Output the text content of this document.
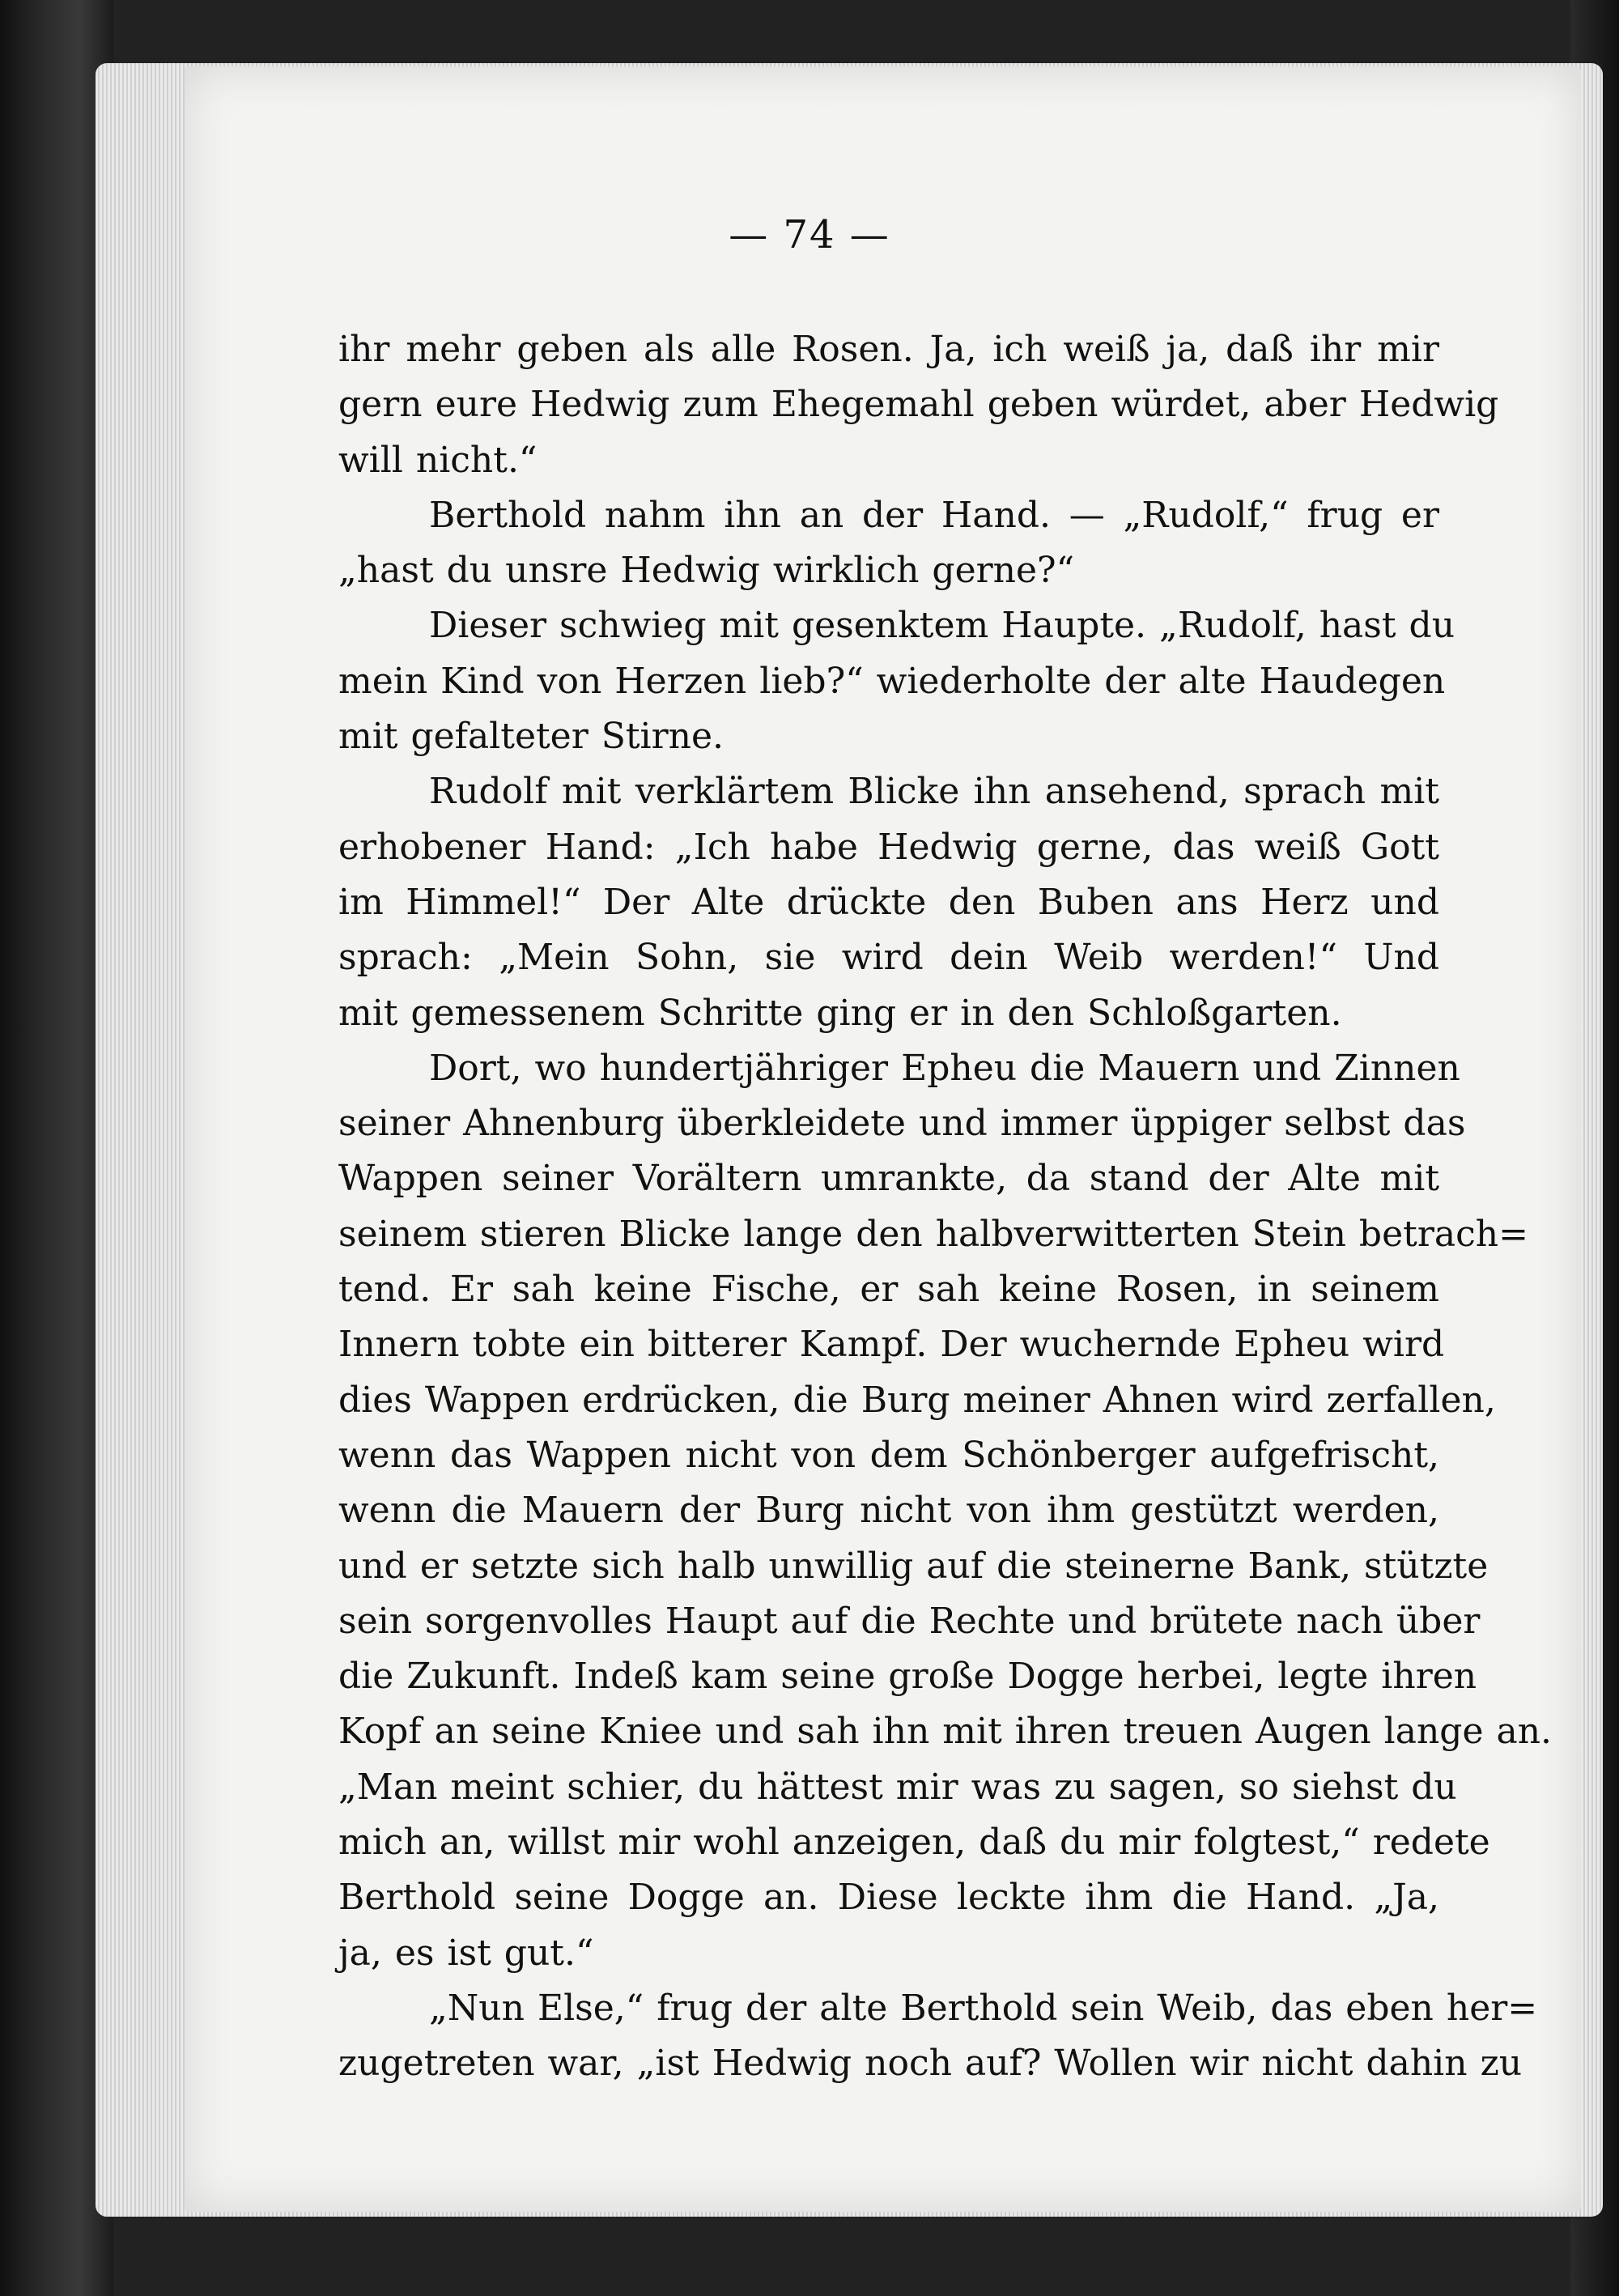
— 74 —
ihr mehr geben als alle Rosen. Ja, ich weiß ja, daß ihr mir
gern eure Hedwig zum Ehegemahl geben würdet, aber Hedwig
will nicht.“
Berthold nahm ihn an der Hand. — „Rudolf,“ frug er
„hast du unsre Hedwig wirklich gerne?“
Dieser schwieg mit gesenktem Haupte. „Rudolf, hast du
mein Kind von Herzen lieb?“ wiederholte der alte Haudegen
mit gefalteter Stirne.
Rudolf mit verklärtem Blicke ihn ansehend, sprach mit
erhobener Hand: „Ich habe Hedwig gerne, das weiß Gott
im Himmel!“ Der Alte drückte den Buben ans Herz und
sprach: „Mein Sohn, sie wird dein Weib werden!“ Und
mit gemessenem Schritte ging er in den Schloßgarten.
Dort, wo hundertjähriger Epheu die Mauern und Zinnen
seiner Ahnenburg überkleidete und immer üppiger selbst das
Wappen seiner Vorältern umrankte, da stand der Alte mit
seinem stieren Blicke lange den halbverwitterten Stein betrach=
tend. Er sah keine Fische, er sah keine Rosen, in seinem
Innern tobte ein bitterer Kampf. Der wuchernde Epheu wird
dies Wappen erdrücken, die Burg meiner Ahnen wird zerfallen,
wenn das Wappen nicht von dem Schönberger aufgefrischt,
wenn die Mauern der Burg nicht von ihm gestützt werden,
und er setzte sich halb unwillig auf die steinerne Bank, stützte
sein sorgenvolles Haupt auf die Rechte und brütete nach über
die Zukunft. Indeß kam seine große Dogge herbei, legte ihren
Kopf an seine Kniee und sah ihn mit ihren treuen Augen lange an.
„Man meint schier, du hättest mir was zu sagen, so siehst du
mich an, willst mir wohl anzeigen, daß du mir folgtest,“ redete
Berthold seine Dogge an. Diese leckte ihm die Hand. „Ja,
ja, es ist gut.“
„Nun Else,“ frug der alte Berthold sein Weib, das eben her=
zugetreten war, „ist Hedwig noch auf? Wollen wir nicht dahin zu
